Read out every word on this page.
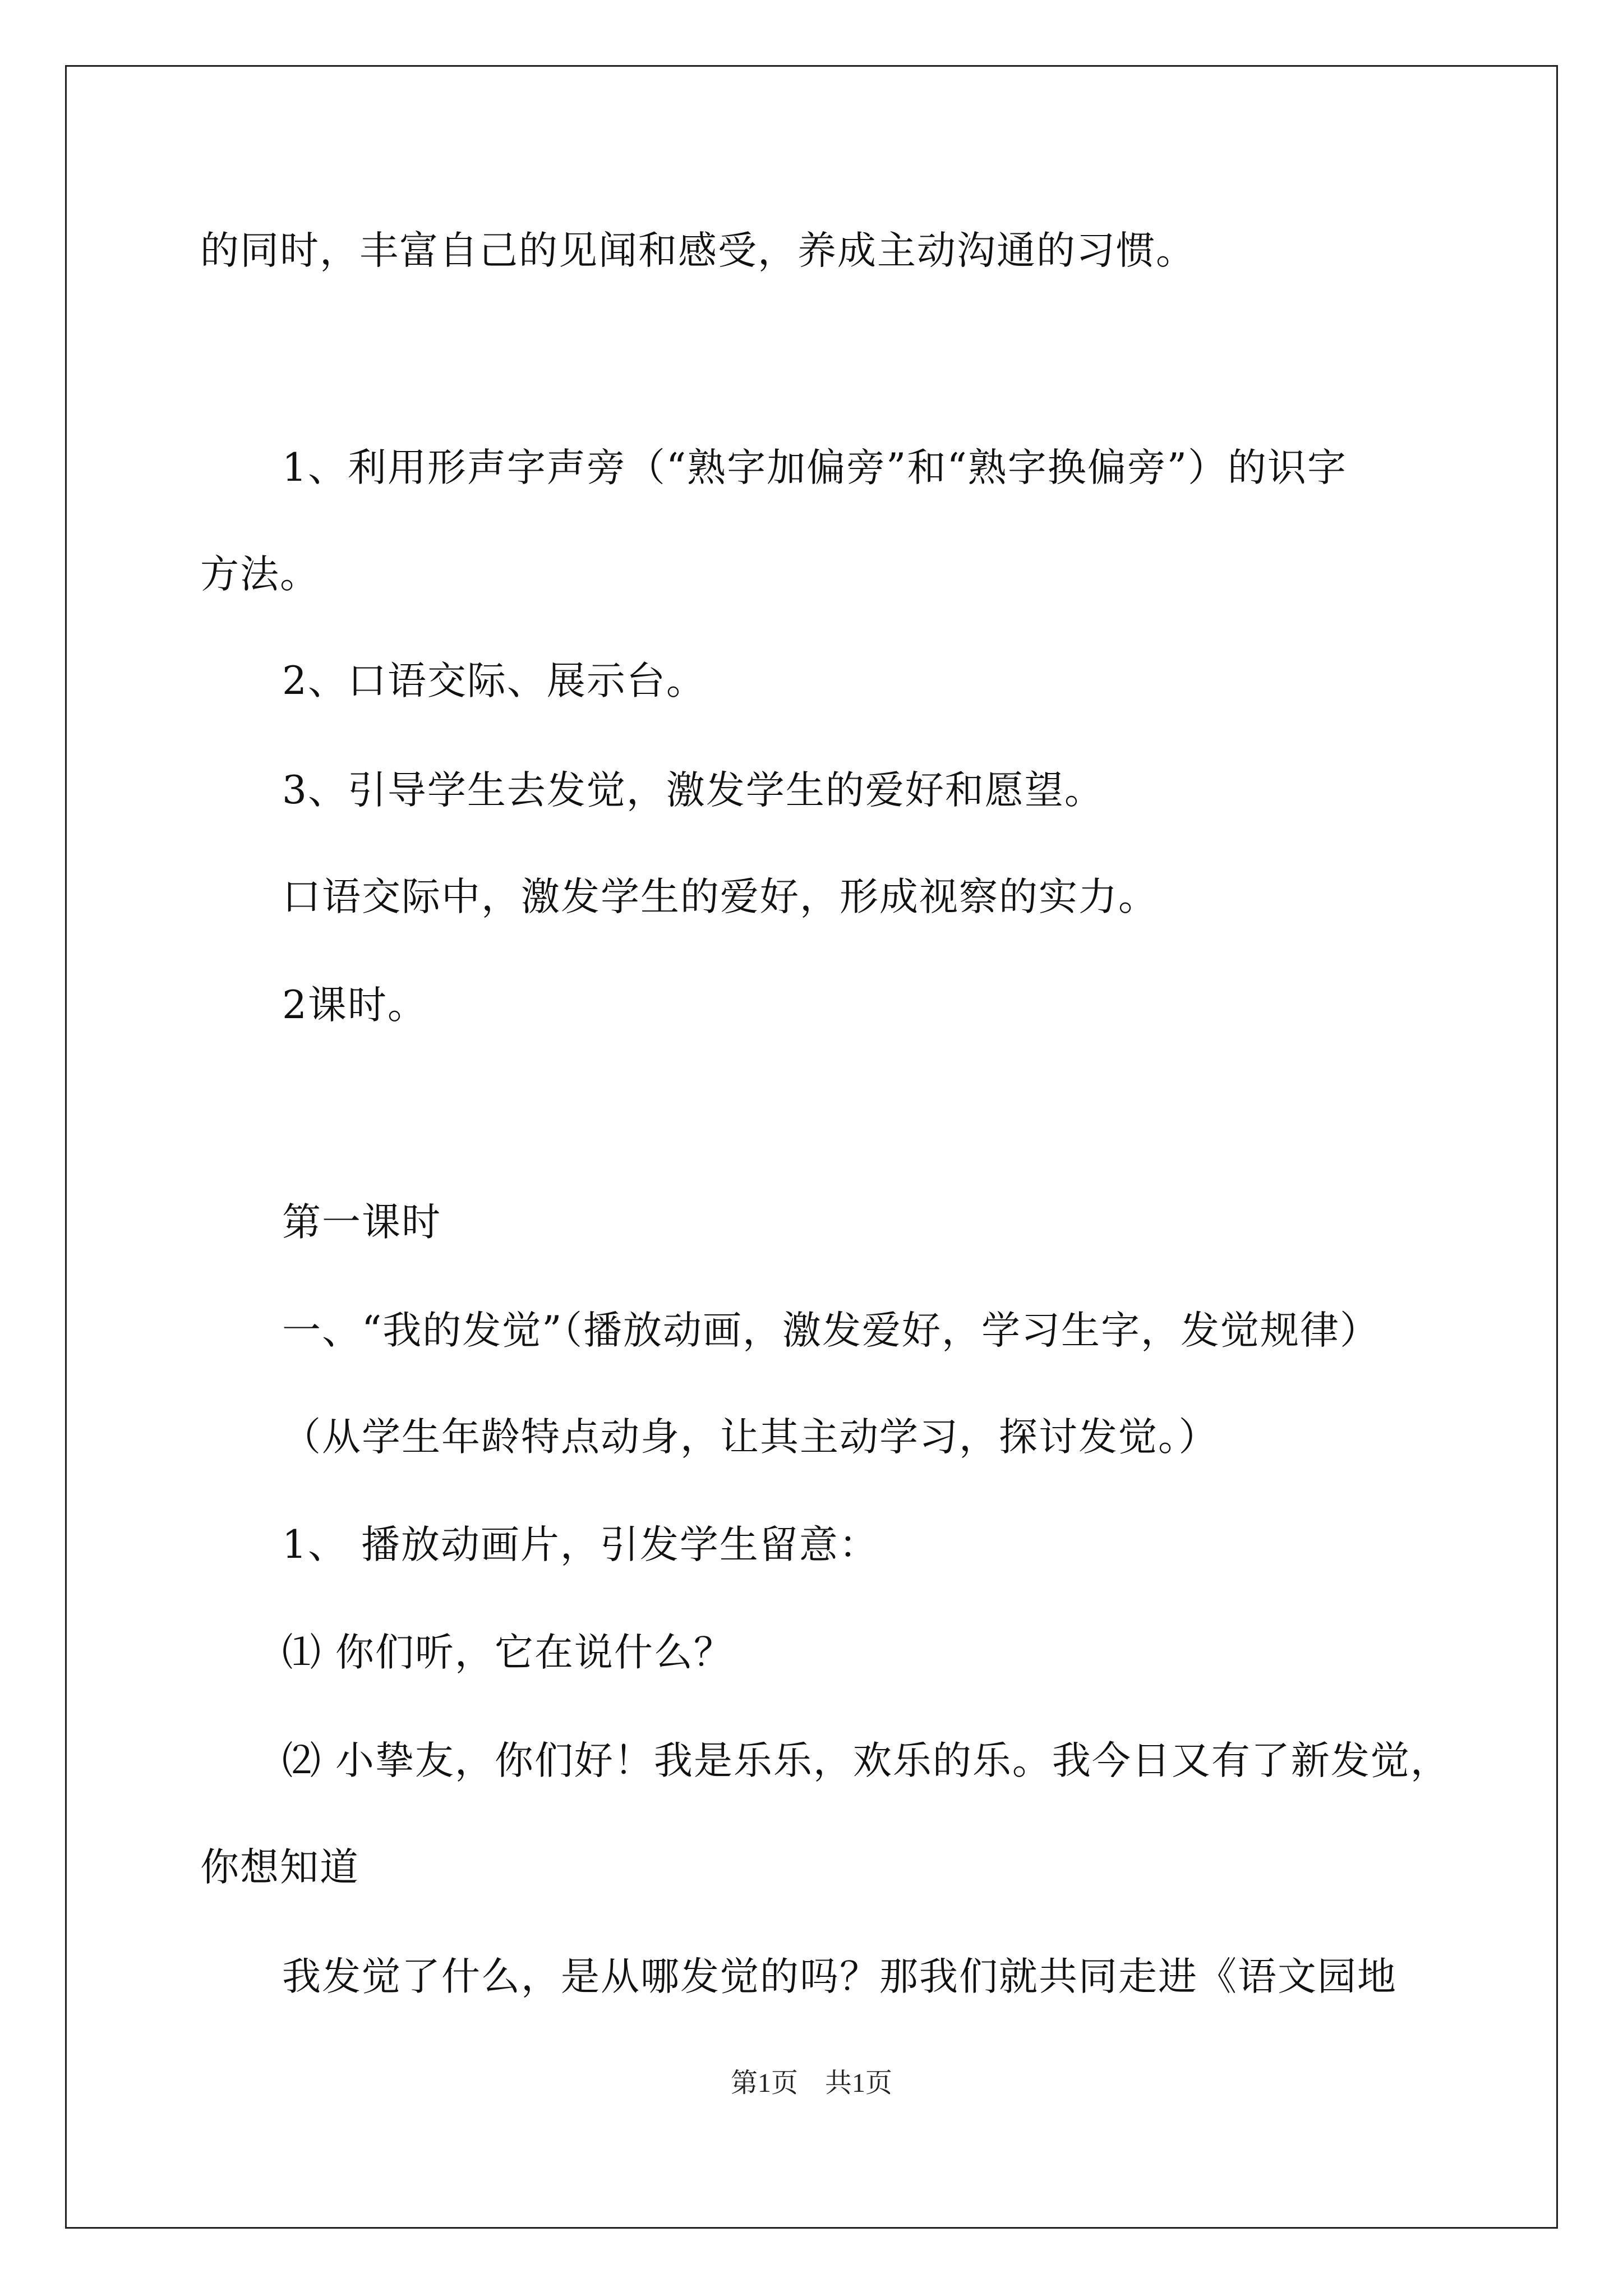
的同时，丰富自己的见闻和感受，养成主动沟通的习惯。
1、利用形声字声旁（“熟字加偏旁”和“熟字换偏旁”）的识字
方法。
2、口语交际、展示台。
3、引导学生去发觉，激发学生的爱好和愿望。
口语交际中，激发学生的爱好，形成视察的实力。
2课时。
第一课时
一、“我的发觉”（播放动画，激发爱好，学习生字，发觉规律）
（从学生年龄特点动身，让其主动学习，探讨发觉。）
1、 播放动画片，引发学生留意：
⑴ 你们听，它在说什么？
⑵ 小挚友，你们好！我是乐乐，欢乐的乐。我今日又有了新发觉，
你想知道
我发觉了什么，是从哪发觉的吗？那我们就共同走进《语文园地
第1页 共1页
